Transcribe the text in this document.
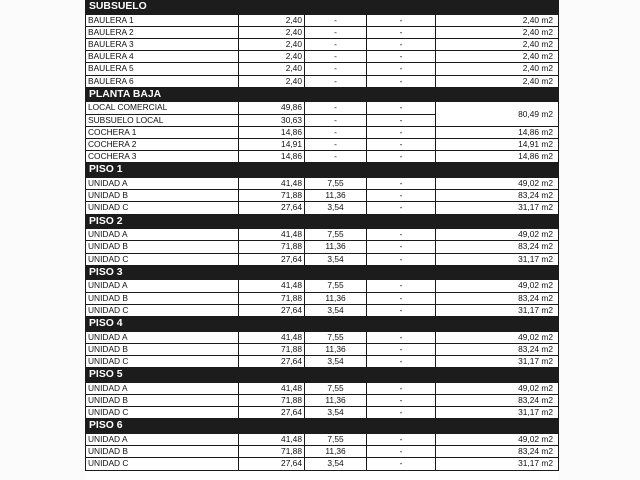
SUBSUELO				
BAULERA 1	2,40	-	-	2,40 m2
BAULERA 2	2,40	-	-	2,40 m2
BAULERA 3	2,40	-	-	2,40 m2
BAULERA 4	2,40	-	-	2,40 m2
BAULERA 5	2,40	-	-	2,40 m2
BAULERA 6	2,40	-	-	2,40 m2
PLANTA BAJA				
LOCAL COMERCIAL	49,86	-	-	80,49 m2
SUBSUELO LOCAL	30,63	-	-	
COCHERA 1	14,86	-	-	14,86 m2
COCHERA 2	14,91	-	-	14,91 m2
COCHERA 3	14,86	-	-	14,86 m2
PISO 1				
UNIDAD A	41,48	7,55	-	49,02 m2
UNIDAD B	71,88	11,36	-	83,24 m2
UNIDAD C	27,64	3,54	-	31,17 m2
PISO 2				
UNIDAD A	41,48	7,55	-	49,02 m2
UNIDAD B	71,88	11,36	-	83,24 m2
UNIDAD C	27,64	3,54	-	31,17 m2
PISO 3				
UNIDAD A	41,48	7,55	-	49,02 m2
UNIDAD B	71,88	11,36	-	83,24 m2
UNIDAD C	27,64	3,54	-	31,17 m2
PISO 4				
UNIDAD A	41,48	7,55	-	49,02 m2
UNIDAD B	71,88	11,36	-	83,24 m2
UNIDAD C	27,64	3,54	-	31,17 m2
PISO 5				
UNIDAD A	41,48	7,55	-	49,02 m2
UNIDAD B	71,88	11,36	-	83,24 m2
UNIDAD C	27,64	3,54	-	31,17 m2
PISO 6				
UNIDAD A	41,48	7,55	-	49,02 m2
UNIDAD B	71,88	11,36	-	83,24 m2
UNIDAD C	27,64	3,54	-	31,17 m2
